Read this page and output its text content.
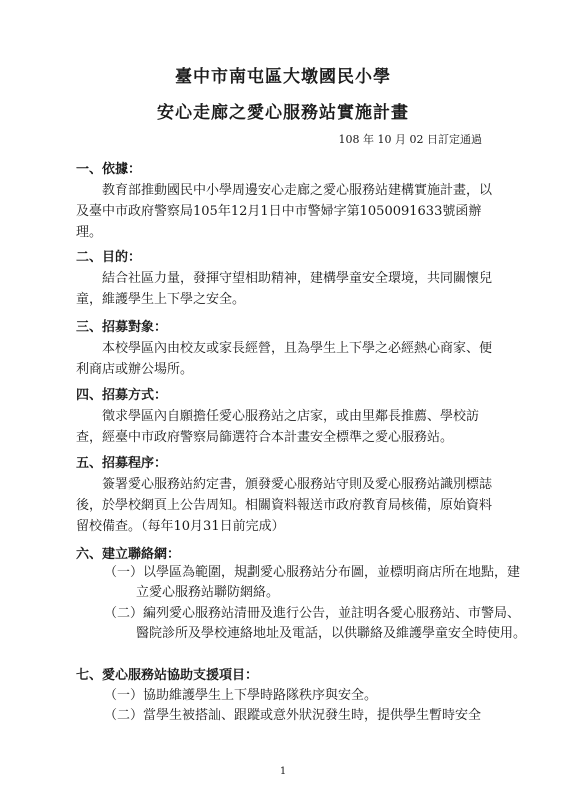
臺中市南屯區大墩國民小學
安心走廊之愛心服務站實施計畫
108 年 10 月 02 日訂定通過
一、依據：

教育部推動國民中小學周邊安心走廊之愛心服務站建構實施計畫，以及臺中市政府警察局105年12月1日中市警婦字第1050091633號函辦理。

二、目的：

結合社區力量，發揮守望相助精神，建構學童安全環境，共同關懷兒童，維護學生上下學之安全。

三、招募對象：

本校學區內由校友或家長經營，且為學生上下學之必經熱心商家、便利商店或辦公場所。

四、招募方式：

徵求學區內自願擔任愛心服務站之店家，或由里鄰長推薦、學校訪查，經臺中市政府警察局篩選符合本計畫安全標準之愛心服務站。

五、招募程序：

簽署愛心服務站約定書，頒發愛心服務站守則及愛心服務站識別標誌後，於學校網頁上公告周知。相關資料報送市政府教育局核備，原始資料留校備查。（每年10月31日前完成）

六、建立聯絡網：

（一）以學區為範圍，規劃愛心服務站分布圖，並標明商店所在地點，建立愛心服務站聯防網絡。

（二）編列愛心服務站清冊及進行公告，並註明各愛心服務站、市警局、醫院診所及學校連絡地址及電話，以供聯絡及維護學童安全時使用。

七、愛心服務站協助支援項目：

（一）協助維護學生上下學時路隊秩序與安全。

（二）當學生被搭訕、跟蹤或意外狀況發生時，提供學生暫時安全

1
